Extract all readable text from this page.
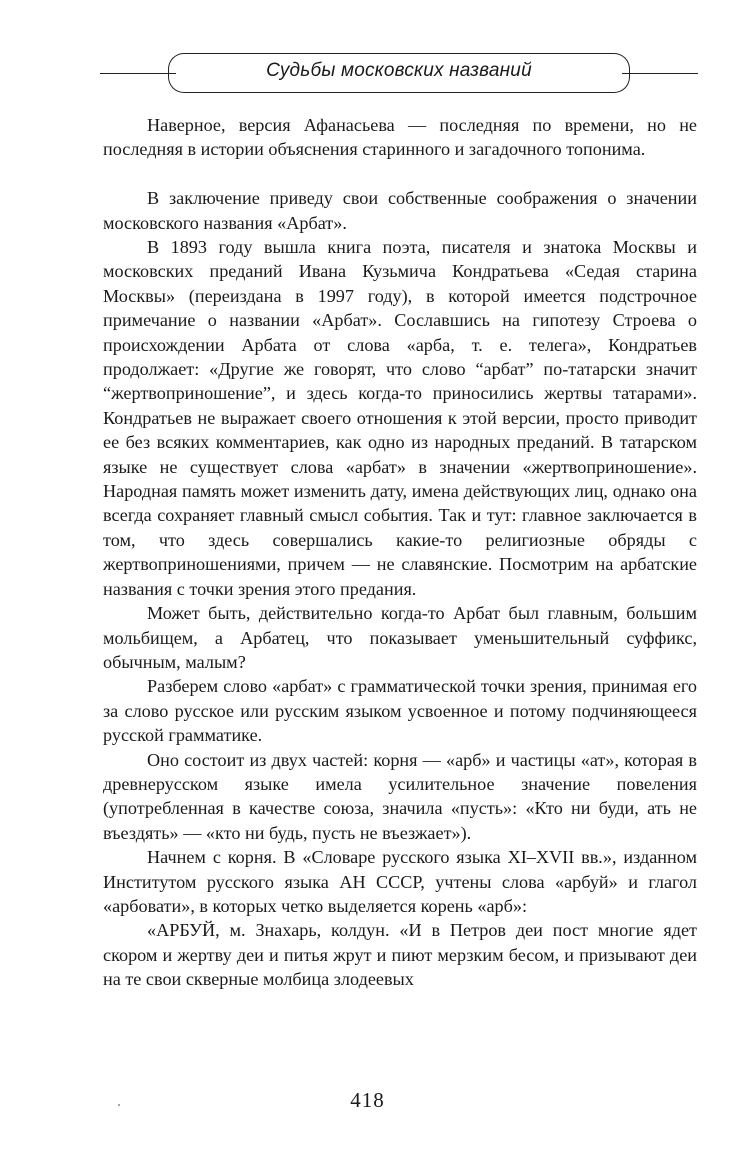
Судьбы московских названий

Наверное, версия Афанасьева — последняя по времени, но не последняя в истории объяснения старинного и загадочного топонима.

В заключение приведу свои собственные соображения о значении московского названия «Арбат».

В 1893 году вышла книга поэта, писателя и знатока Москвы и московских преданий Ивана Кузьмича Кондратьева «Седая старина Москвы» (переиздана в 1997 году), в которой имеется подстрочное примечание о названии «Арбат». Сославшись на гипотезу Строева о происхождении Арбата от слова «арба, т. е. телега», Кондратьев продолжает: «Другие же говорят, что слово “арбат” по-татарски значит “жертвоприношение”, и здесь когда-то приносились жертвы татарами». Кондратьев не выражает своего отношения к этой версии, просто приводит ее без всяких комментариев, как одно из народных преданий. В татарском языке не существует слова «арбат» в значении «жертвоприношение». Народная память может изменить дату, имена действующих лиц, однако она всегда сохраняет главный смысл события. Так и тут: главное заключается в том, что здесь совершались какие-то религиозные обряды с жертвоприношениями, причем — не славянские. Посмотрим на арбатские названия с точки зрения этого предания.

Может быть, действительно когда-то Арбат был главным, большим мольбищем, а Арбатец, что показывает уменьшительный суффикс, обычным, малым?

Разберем слово «арбат» с грамматической точки зрения, принимая его за слово русское или русским языком усвоенное и потому подчиняющееся русской грамматике.

Оно состоит из двух частей: корня — «арб» и частицы «ат», которая в древнерусском языке имела усилительное значение повеления (употребленная в качестве союза, значила «пусть»: «Кто ни буди, ать не въездять» — «кто ни будь, пусть не въезжает»).

Начнем с корня. В «Словаре русского языка XI–XVII вв.», изданном Институтом русского языка АН СССР, учтены слова «арбуй» и глагол «арбовати», в которых четко выделяется корень «арб»:

«АРБУЙ, м. Знахарь, колдун. «И в Петров деи пост многие ядет скором и жертву деи и питья жрут и пиют мерзким бесом, и призывают деи на те свои скверные молбица злодеевых

418
